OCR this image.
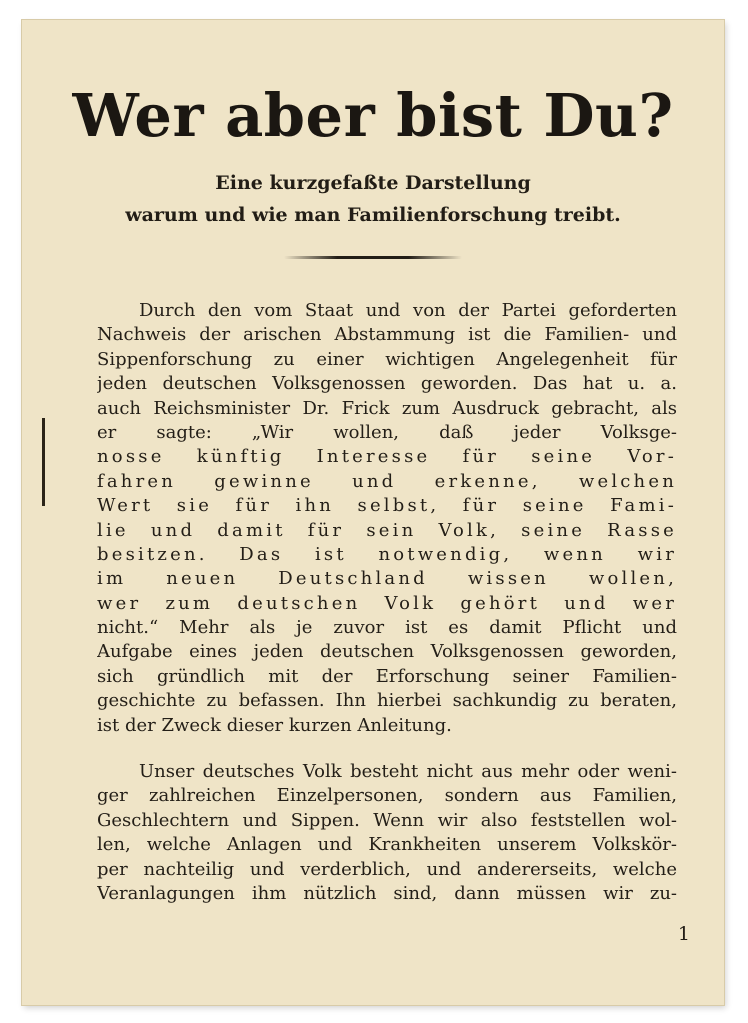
Wer aber bist Du?
Eine kurzgefaßte Darstellung
warum und wie man Familienforschung treibt.
Durch den vom Staat und von der Partei geforderten
Nachweis der arischen Abstammung ist die Familien- und
Sippenforschung zu einer wichtigen Angelegenheit für
jeden deutschen Volksgenossen geworden. Das hat u. a.
auch Reichsminister Dr. Frick zum Ausdruck gebracht, als
er sagte: „Wir wollen, daß jeder Volksge-
nosse künftig Interesse für seine Vor-
fahren gewinne und erkenne, welchen
Wert sie für ihn selbst, für seine Fami-
lie und damit für sein Volk, seine Rasse
besitzen. Das ist notwendig, wenn wir
im neuen Deutschland wissen wollen,
wer zum deutschen Volk gehört und wer
nicht.“ Mehr als je zuvor ist es damit Pflicht und
Aufgabe eines jeden deutschen Volksgenossen geworden,
sich gründlich mit der Erforschung seiner Familien-
geschichte zu befassen. Ihn hierbei sachkundig zu beraten,
ist der Zweck dieser kurzen Anleitung.
Unser deutsches Volk besteht nicht aus mehr oder weni-
ger zahlreichen Einzelpersonen, sondern aus Familien,
Geschlechtern und Sippen. Wenn wir also feststellen wol-
len, welche Anlagen und Krankheiten unserem Volkskör-
per nachteilig und verderblich, und andererseits, welche
Veranlagungen ihm nützlich sind, dann müssen wir zu-
1
